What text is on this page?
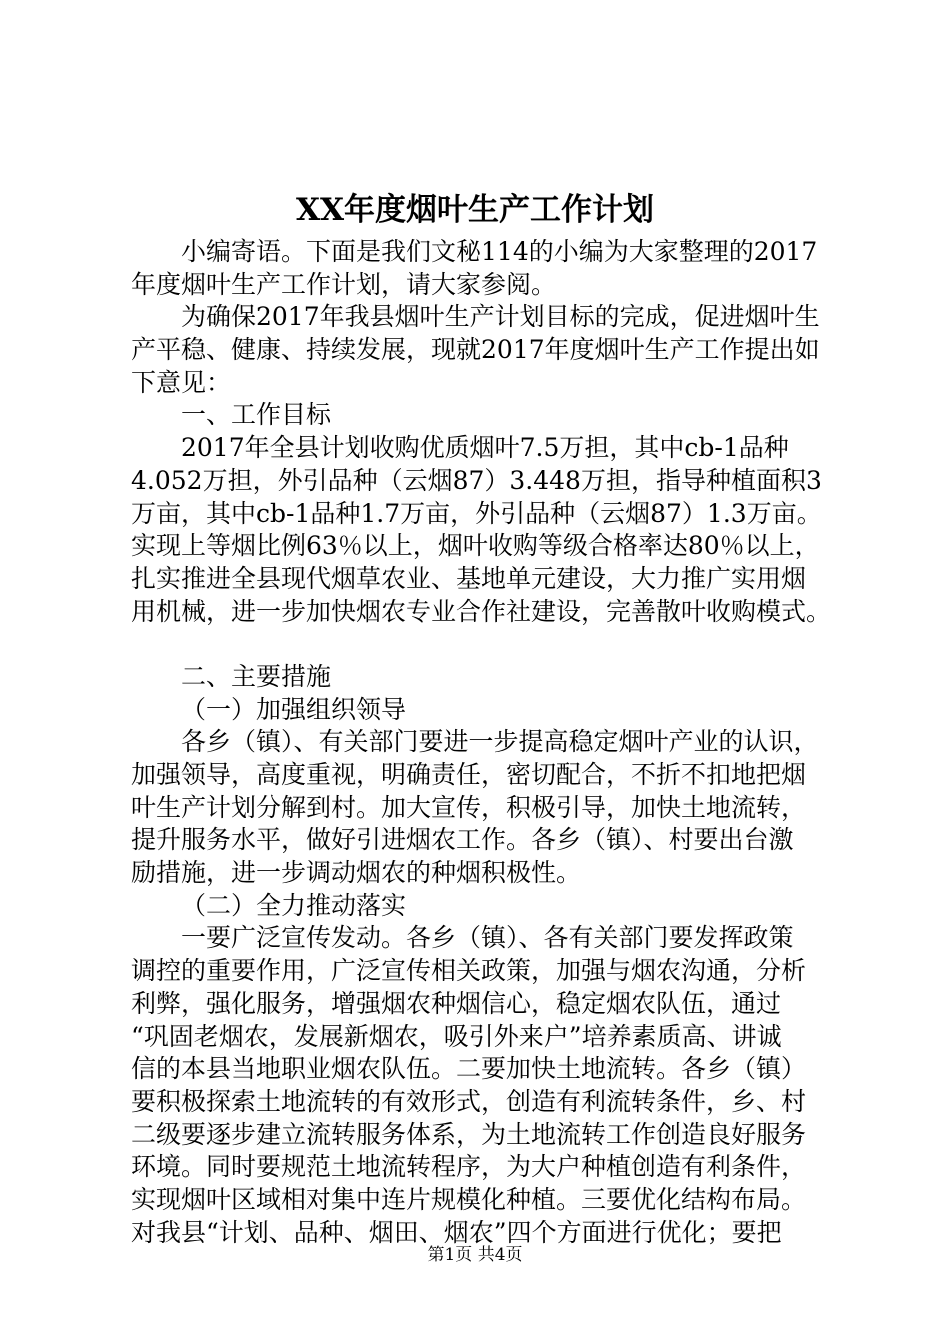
XX年度烟叶生产工作计划
小编寄语。下面是我们文秘114的小编为大家整理的2017
年度烟叶生产工作计划，请大家参阅。
为确保2017年我县烟叶生产计划目标的完成，促进烟叶生
产平稳、健康、持续发展，现就2017年度烟叶生产工作提出如
下意见：
一、工作目标
2017年全县计划收购优质烟叶7.5万担，其中cb-1品种
4.052万担，外引品种（云烟87）3.448万担，指导种植面积3
万亩，其中cb-1品种1.7万亩，外引品种（云烟87）1.3万亩。
实现上等烟比例63％以上，烟叶收购等级合格率达80％以上，
扎实推进全县现代烟草农业、基地单元建设，大力推广实用烟
用机械，进一步加快烟农专业合作社建设，完善散叶收购模式。
二、主要措施
（一）加强组织领导
各乡（镇）、有关部门要进一步提高稳定烟叶产业的认识，
加强领导，高度重视，明确责任，密切配合，不折不扣地把烟
叶生产计划分解到村。加大宣传，积极引导，加快土地流转，
提升服务水平，做好引进烟农工作。各乡（镇）、村要出台激
励措施，进一步调动烟农的种烟积极性。
（二）全力推动落实
一要广泛宣传发动。各乡（镇）、各有关部门要发挥政策
调控的重要作用，广泛宣传相关政策，加强与烟农沟通，分析
利弊，强化服务，增强烟农种烟信心，稳定烟农队伍，通过
“巩固老烟农，发展新烟农，吸引外来户”培养素质高、讲诚
信的本县当地职业烟农队伍。二要加快土地流转。各乡（镇）
要积极探索土地流转的有效形式，创造有利流转条件，乡、村
二级要逐步建立流转服务体系，为土地流转工作创造良好服务
环境。同时要规范土地流转程序，为大户种植创造有利条件，
实现烟叶区域相对集中连片规模化种植。三要优化结构布局。
对我县“计划、品种、烟田、烟农”四个方面进行优化；要把
第1页 共4页
